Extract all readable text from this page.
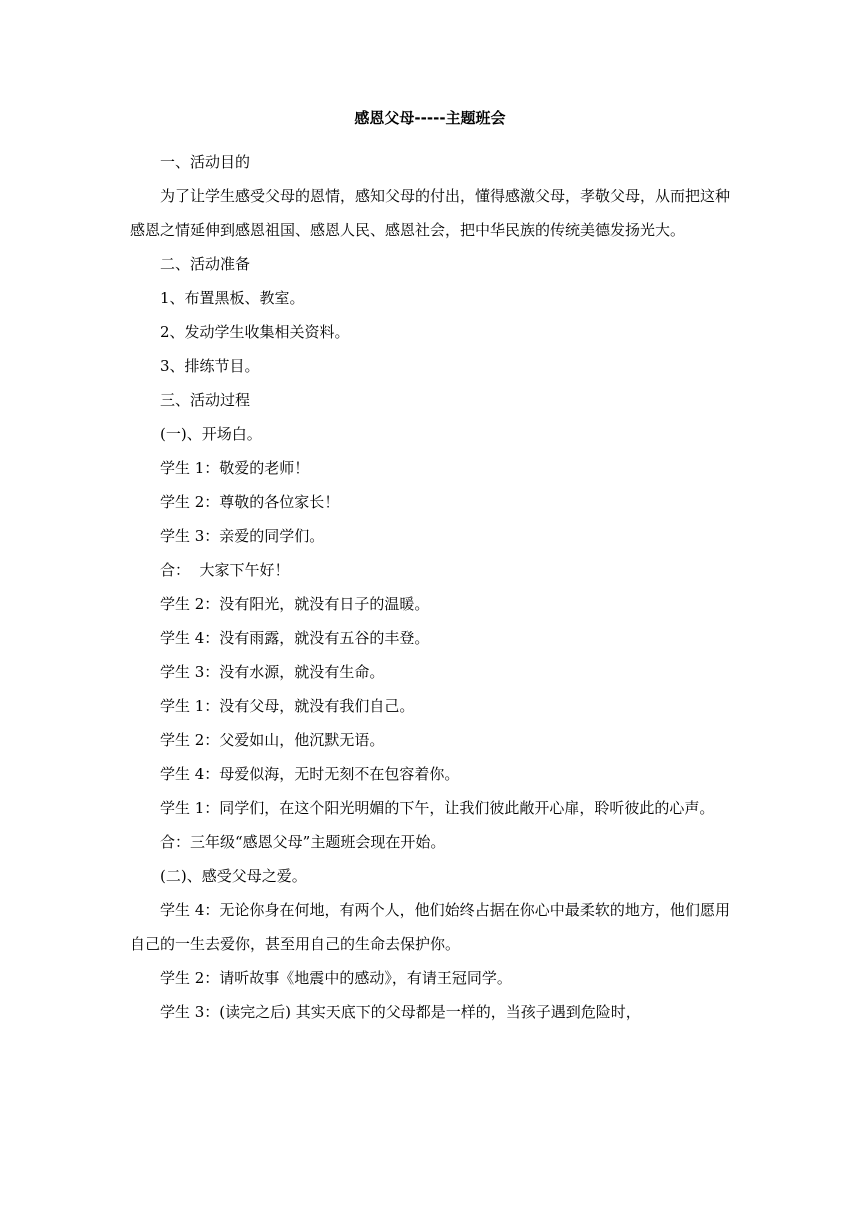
感恩父母-----主题班会

一、活动目的

为了让学生感受父母的恩情，感知父母的付出，懂得感激父母，孝敬父母，从而把这种感恩之情延伸到感恩祖国、感恩人民、感恩社会，把中华民族的传统美德发扬光大。

二、活动准备

1、布置黑板、教室。

2、发动学生收集相关资料。

3、排练节目。

三、活动过程

(一)、开场白。

学生 1：敬爱的老师！

学生 2：尊敬的各位家长！

学生 3：亲爱的同学们。

合：  大家下午好！

学生 2：没有阳光，就没有日子的温暖。

学生 4：没有雨露，就没有五谷的丰登。

学生 3：没有水源，就没有生命。

学生 1：没有父母，就没有我们自己。

学生 2：父爱如山，他沉默无语。

学生 4：母爱似海，无时无刻不在包容着你。

学生 1：同学们，在这个阳光明媚的下午，让我们彼此敞开心扉，聆听彼此的心声。

合：三年级“感恩父母”主题班会现在开始。

(二)、感受父母之爱。

学生 4：无论你身在何地，有两个人，他们始终占据在你心中最柔软的地方，他们愿用自己的一生去爱你，甚至用自己的生命去保护你。

学生 2：请听故事《地震中的感动》，有请王冠同学。

学生 3：(读完之后) 其实天底下的父母都是一样的，当孩子遇到危险时，
